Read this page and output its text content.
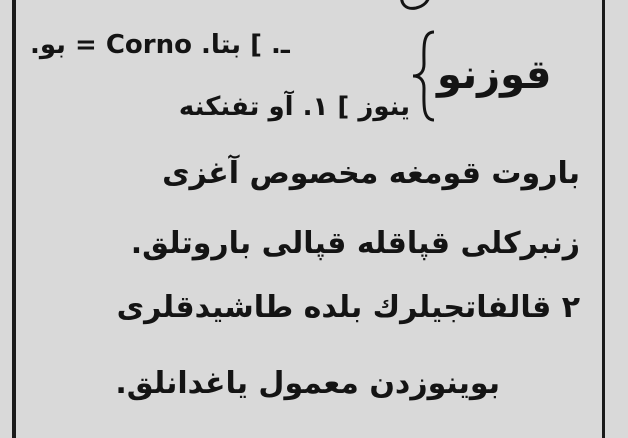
ـ. ] بتا. Corno = بو.
قوزنو
ينوز ] ۱. آو تفنكنه
باروت قومغه مخصوص آغزى
زنبركلى قپاقله قپالى باروتلق.
۲ قالفاتجيلرك بلده طاشيدقلرى
بوينوزدن معمول ياغدانلق.
